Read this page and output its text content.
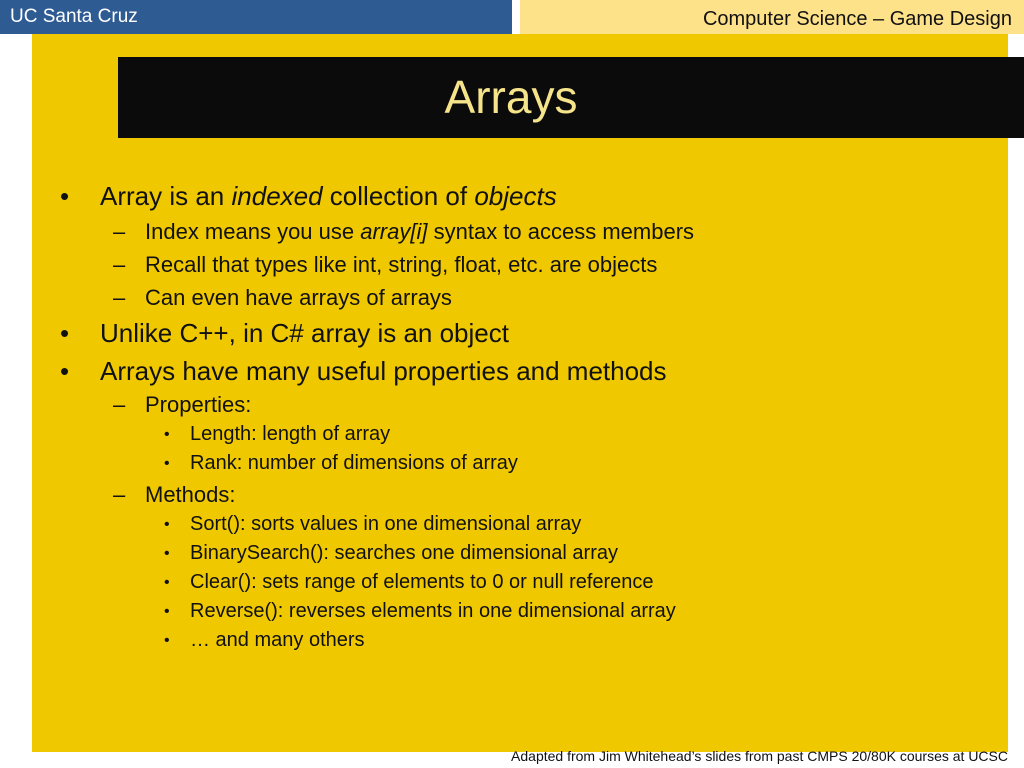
UC Santa Cruz	Computer Science – Game Design
Arrays
• Array is an indexed collection of objects
– Index means you use array[i] syntax to access members
– Recall that types like int, string, float, etc. are objects
– Can even have arrays of arrays
• Unlike C++, in C# array is an object
• Arrays have many useful properties and methods
– Properties:
• Length: length of array
• Rank: number of dimensions of array
– Methods:
• Sort(): sorts values in one dimensional array
• BinarySearch(): searches one dimensional array
• Clear(): sets range of elements to 0 or null reference
• Reverse(): reverses elements in one dimensional array
• … and many others
Adapted from Jim Whitehead’s slides from past CMPS 20/80K courses at UCSC
